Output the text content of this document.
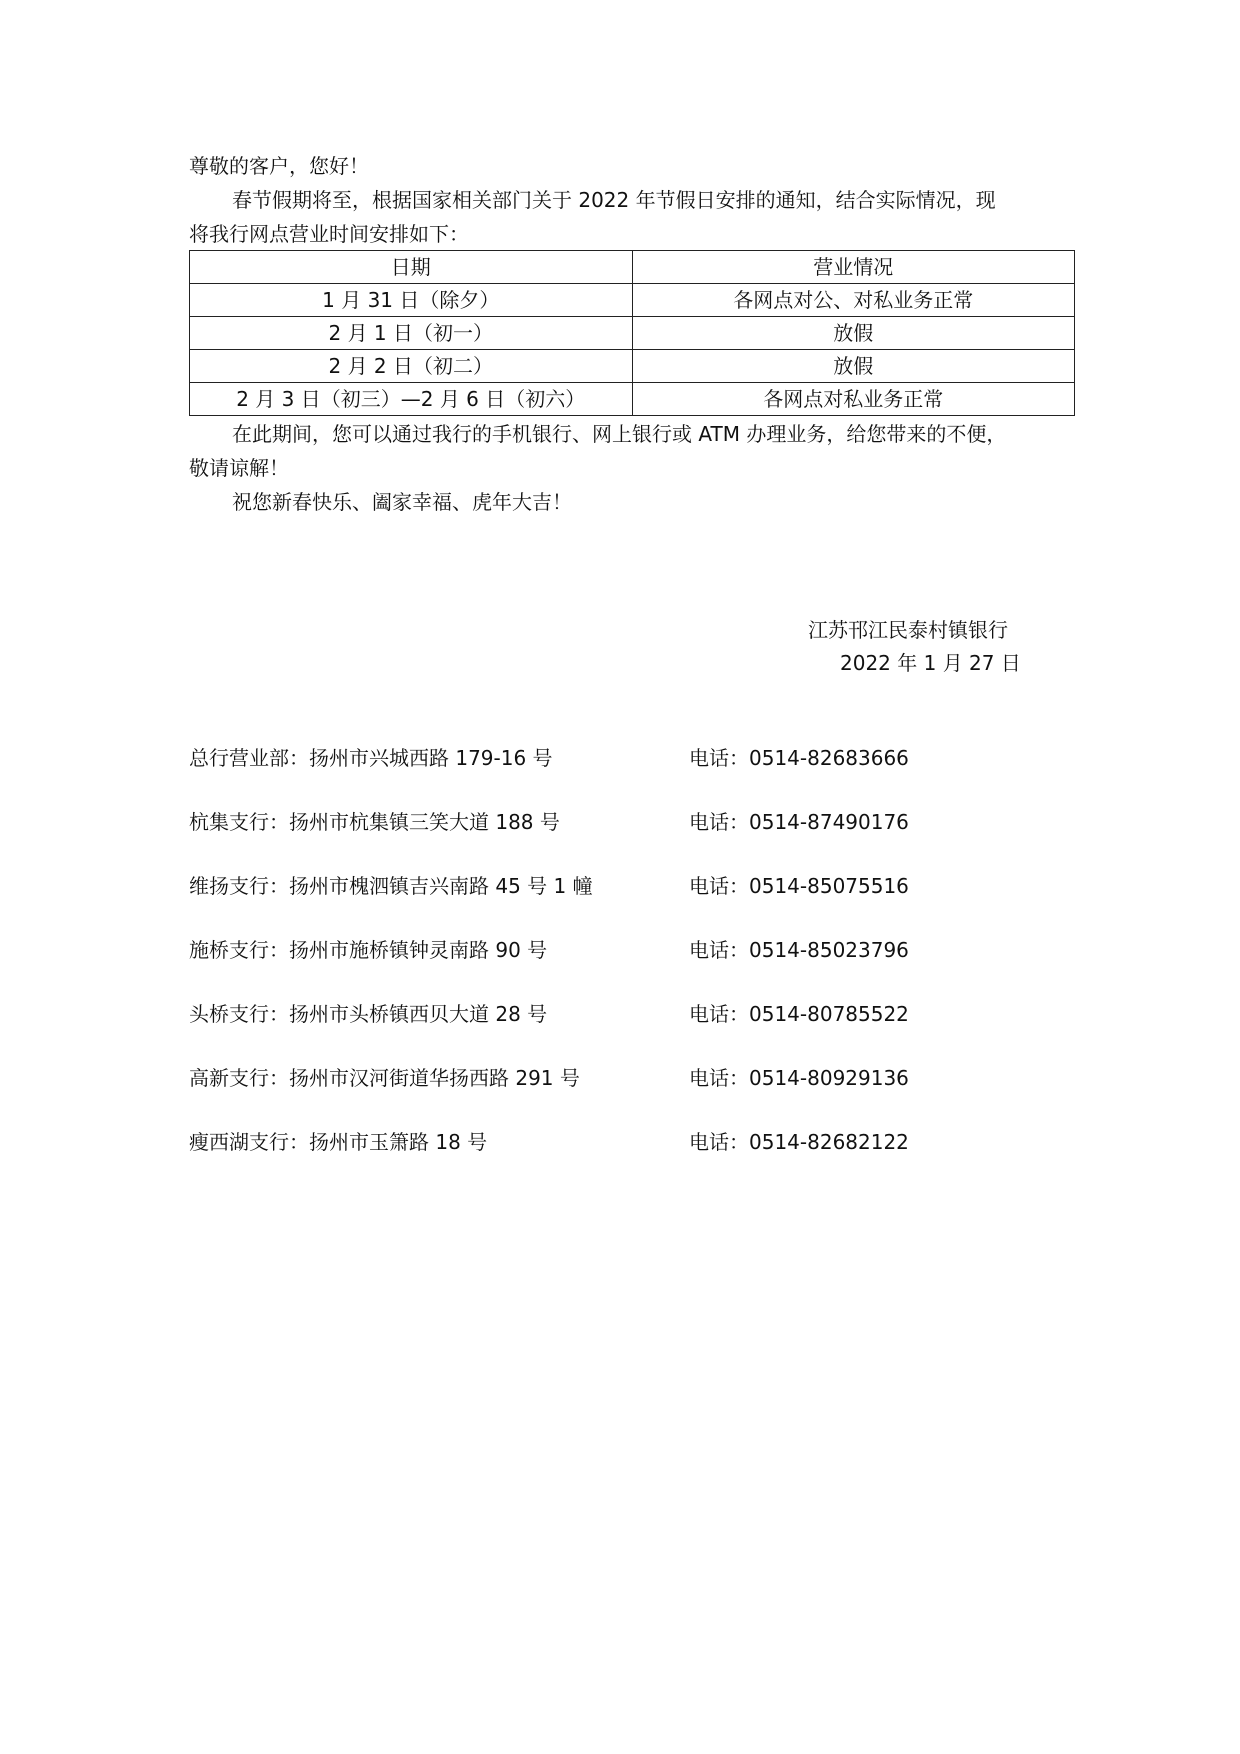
尊敬的客户，您好！
春节假期将至，根据国家相关部门关于 2022 年节假日安排的通知，结合实际情况，现
将我行网点营业时间安排如下：
日期	营业情况
1 月 31 日（除夕）	各网点对公、对私业务正常
2 月 1 日（初一）	放假
2 月 2 日（初二）	放假
2 月 3 日（初三）—2 月 6 日（初六）	各网点对私业务正常
在此期间，您可以通过我行的手机银行、网上银行或 ATM 办理业务，给您带来的不便，
敬请谅解！
祝您新春快乐、阖家幸福、虎年大吉！
江苏邗江民泰村镇银行
2022 年 1 月 27 日
总行营业部：扬州市兴城西路 179-16 号	电话：0514-82683666
杭集支行：扬州市杭集镇三笑大道 188 号	电话：0514-87490176
维扬支行：扬州市槐泗镇吉兴南路 45 号 1 幢	电话：0514-85075516
施桥支行：扬州市施桥镇钟灵南路 90 号	电话：0514-85023796
头桥支行：扬州市头桥镇西贝大道 28 号	电话：0514-80785522
高新支行：扬州市汉河街道华扬西路 291 号	电话：0514-80929136
瘦西湖支行：扬州市玉箫路 18 号	电话：0514-82682122
